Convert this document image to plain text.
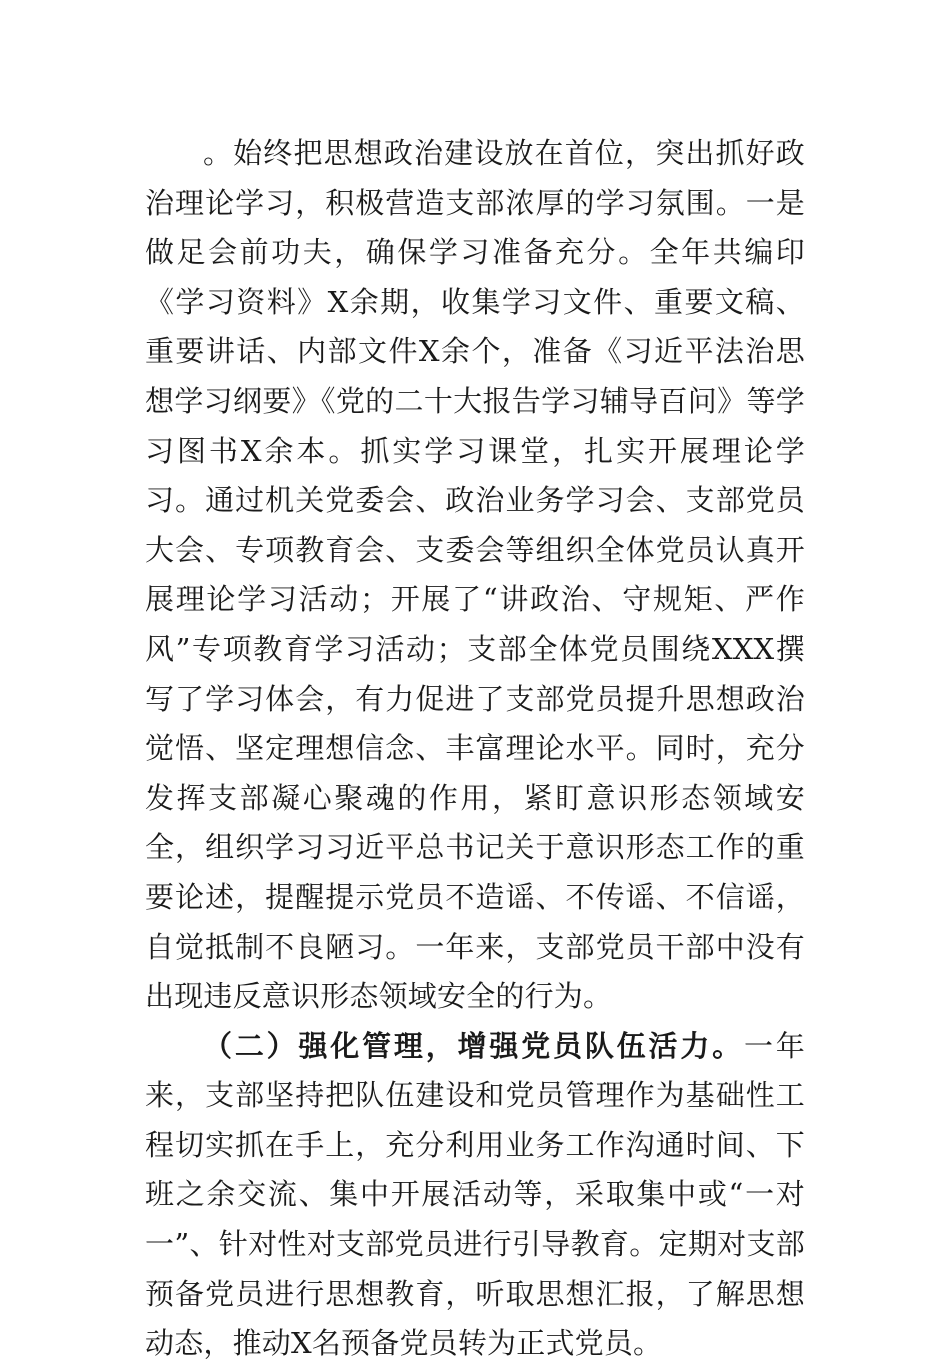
。始终把思想政治建设放在首位，突出抓好政治理论学习，积极营造支部浓厚的学习氛围。一是做足会前功夫，确保学习准备充分。全年共编印《学习资料》X余期，收集学习文件、重要文稿、重要讲话、内部文件X余个，准备《习近平法治思想学习纲要》《党的二十大报告学习辅导百问》等学习图书X余本。抓实学习课堂，扎实开展理论学习。通过机关党委会、政治业务学习会、支部党员大会、专项教育会、支委会等组织全体党员认真开展理论学习活动；开展了“讲政治、守规矩、严作风”专项教育学习活动；支部全体党员围绕XXX撰写了学习体会，有力促进了支部党员提升思想政治觉悟、坚定理想信念、丰富理论水平。同时，充分发挥支部凝心聚魂的作用，紧盯意识形态领域安全，组织学习习近平总书记关于意识形态工作的重要论述，提醒提示党员不造谣、不传谣、不信谣，自觉抵制不良陋习。一年来，支部党员干部中没有出现违反意识形态领域安全的行为。

（二）强化管理，增强党员队伍活力。一年来，支部坚持把队伍建设和党员管理作为基础性工程切实抓在手上，充分利用业务工作沟通时间、下班之余交流、集中开展活动等，采取集中或“一对一”、针对性对支部党员进行引导教育。定期对支部预备党员进行思想教育，听取思想汇报，了解思想动态，推动X名预备党员转为正式党员。
